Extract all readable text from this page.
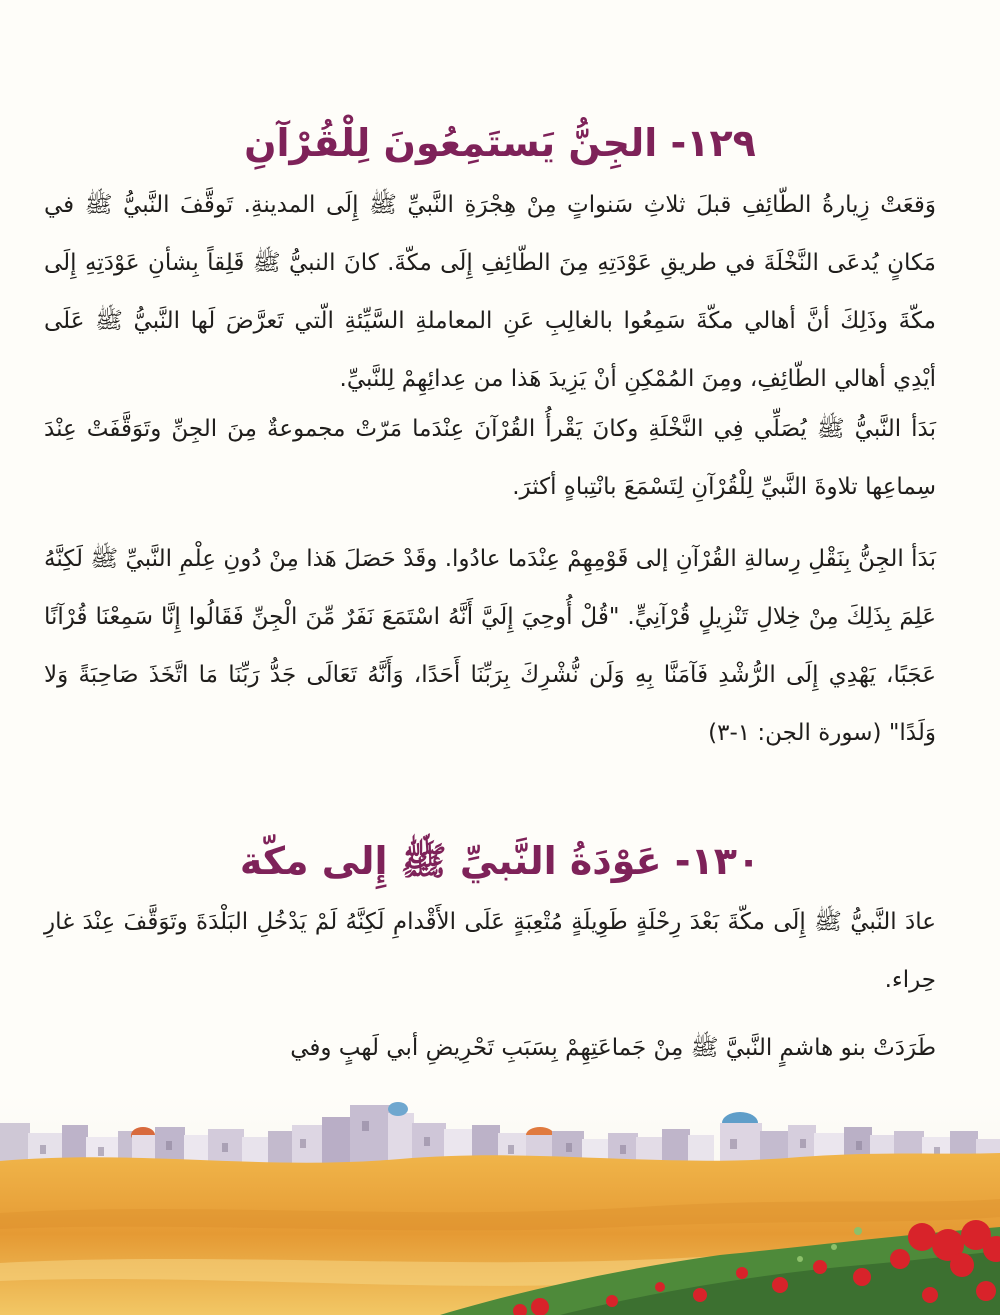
١٢٩- الجِنُّ يَستَمِعُونَ لِلْقُرْآنِ

وَقعَتْ زِيارةُ الطّائِفِ قبلَ ثلاثِ سَنواتٍ مِنْ هِجْرَةِ النَّبيِّ ﷺ إِلَى المدينةِ. تَوقَّفَ النَّبيُّ ﷺ في مَكانٍ يُدعَى النَّخْلَةَ في طريقِ عَوْدَتِهِ مِنَ الطّائِفِ إِلَى مكّةَ. كانَ النبيُّ ﷺ قَلِقاً بِشأنِ عَوْدَتِهِ إِلَى مكّةَ وذَلِكَ أنَّ أهالي مكّةَ سَمِعُوا بالغالِبِ عَنِ المعاملةِ السَّيِّئةِ الّتي تَعرَّضَ لَها النَّبيُّ ﷺ عَلَى أيْدِي أهالي الطّائِفِ، ومِنَ المُمْكِنِ أنْ يَزِيدَ هَذا من عِدائِهِمْ لِلنَّبيِّ.

بَدَأ النَّبيُّ ﷺ يُصَلِّي فِي النَّخْلَةِ وكانَ يَقْرأُ القُرْآنَ عِنْدَما مَرّتْ مجموعةٌ مِنَ الجِنِّ وتَوَقَّفَتْ عِنْدَ سِماعِها تلاوةَ النَّبيِّ لِلْقُرْآنِ لِتَسْمَعَ بانْتِباهٍ أكثرَ.

بَدَأ الجِنُّ بِنَقْلِ رِسالةِ القُرْآنِ إلى قَوْمِهِمْ عِنْدَما عادُوا. وقَدْ حَصَلَ هَذا مِنْ دُونِ عِلْمِ النَّبيِّ ﷺ لَكِنَّهُ عَلِمَ بِذَلِكَ مِنْ خِلالِ تَنْزِيلٍ قُرْآنِيٍّ. "قُلْ أُوحِيَ إِلَيَّ أَنَّهُ اسْتَمَعَ نَفَرٌ مِّنَ الْجِنِّ فَقَالُوا إِنَّا سَمِعْنَا قُرْآنًا عَجَبًا، يَهْدِي إِلَى الرُّشْدِ فَآمَنَّا بِهِ وَلَن نُّشْرِكَ بِرَبِّنَا أَحَدًا، وَأَنَّهُ تَعَالَى جَدُّ رَبِّنَا مَا اتَّخَذَ صَاحِبَةً وَلا وَلَدًا" (سورة الجن: ١-٣)

١٣٠- عَوْدَةُ النَّبيِّ ﷺ إِلى مكّة

عادَ النَّبيُّ ﷺ إِلَى مكّةَ بَعْدَ رِحْلَةٍ طَوِيلَةٍ مُتْعِبَةٍ عَلَى الأَقْدامِ لَكِنَّهُ لَمْ يَدْخُلِ البَلْدَةَ وتَوَقَّفَ عِنْدَ غارِ حِراء.

طَرَدَتْ بنو هاشمٍ النَّبيَّ ﷺ مِنْ جَماعَتِهِمْ بِسَبَبِ تَحْرِيضِ أبي لَهبٍ وفي
